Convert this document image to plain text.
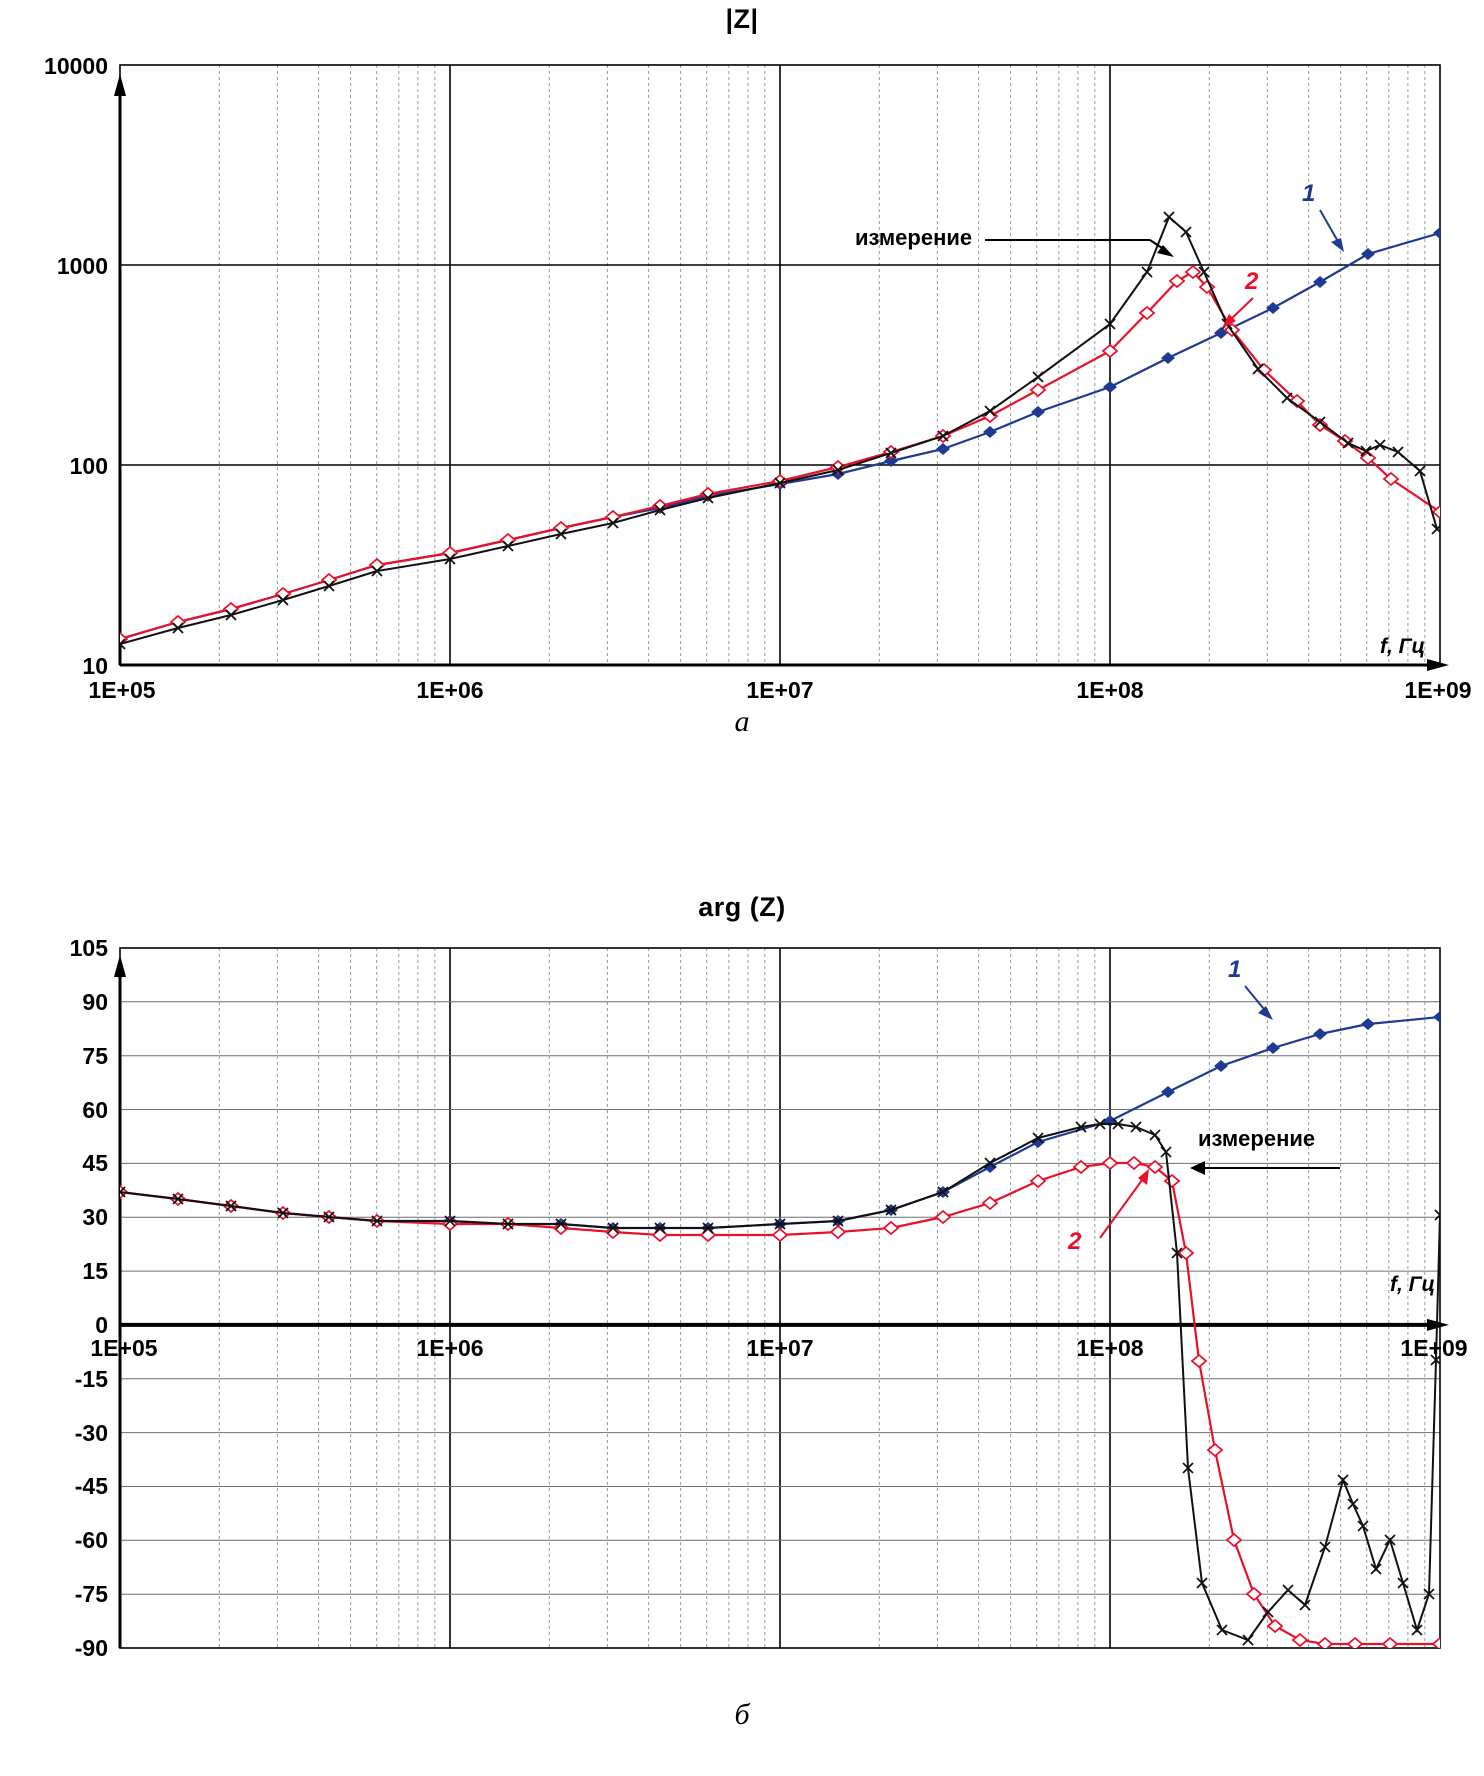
|Z|
10000
1000
100
10
1E+05	1E+06	1E+07	1E+08	1E+09
1
2
измерение
f, Гц
а
arg (Z)
105
90
75
60
45
30
15
0
-15
-30
-45
-60
-75
-90
1E+05	1E+06	1E+07	1E+08	1E+09
1
2
измерение
f, Гц
б
